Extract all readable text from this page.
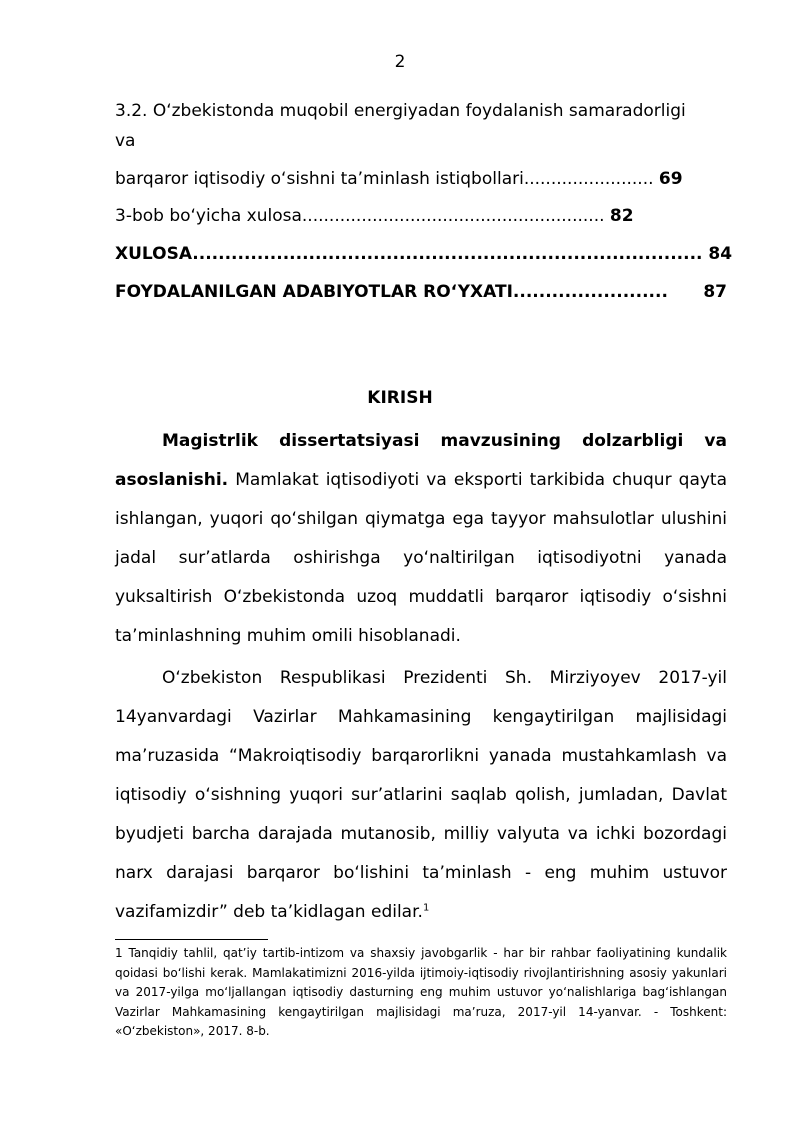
2
3.2. O‘zbekistonda muqobil energiyadan foydalanish samaradorligi
va
barqaror iqtisodiy o‘sishni ta’minlash istiqbollari........................ 69
3-bob bo‘yicha xulosa........................................................ 82
XULOSA............................................................................... 84
FOYDALANILGAN ADABIYOTLAR RO‘YXATI........................ 87
KIRISH

Magistrlik dissertatsiyasi mavzusining dolzarbligi va asoslanishi. Mamlakat iqtisodiyoti va eksporti tarkibida chuqur qayta ishlangan, yuqori qo‘shilgan qiymatga ega tayyor mahsulotlar ulushini jadal sur’atlarda oshirishga yo‘naltirilgan iqtisodiyotni yanada yuksaltirish O‘zbekistonda uzoq muddatli barqaror iqtisodiy o‘sishni ta’minlashning muhim omili hisoblanadi.

O‘zbekiston Respublikasi Prezidenti Sh. Mirziyoyev 2017-yil 14yanvardagi Vazirlar Mahkamasining kengaytirilgan majlisidagi ma’ruzasida “Makroiqtisodiy barqarorlikni yanada mustahkamlash va iqtisodiy o‘sishning yuqori sur’atlarini saqlab qolish, jumladan, Davlat byudjeti barcha darajada mutanosib, milliy valyuta va ichki bozordagi narx darajasi barqaror bo‘lishini ta’minlash - eng muhim ustuvor vazifamizdir” deb ta’kidlagan edilar.$^1$

1 Tanqidiy tahlil, qat’iy tartib-intizom va shaxsiy javobgarlik - har bir rahbar faoliyatining kundalik qoidasi bo‘lishi kerak. Mamlakatimizni 2016-yilda ijtimoiy-iqtisodiy rivojlantirishning asosiy yakunlari va 2017-yilga mo‘ljallangan iqtisodiy dasturning eng muhim ustuvor yo‘nalishlariga bag‘ishlangan Vazirlar Mahkamasining kengaytirilgan majlisidagi ma’ruza, 2017-yil 14-yanvar. - Toshkent: «O‘zbekiston», 2017. 8-b.
